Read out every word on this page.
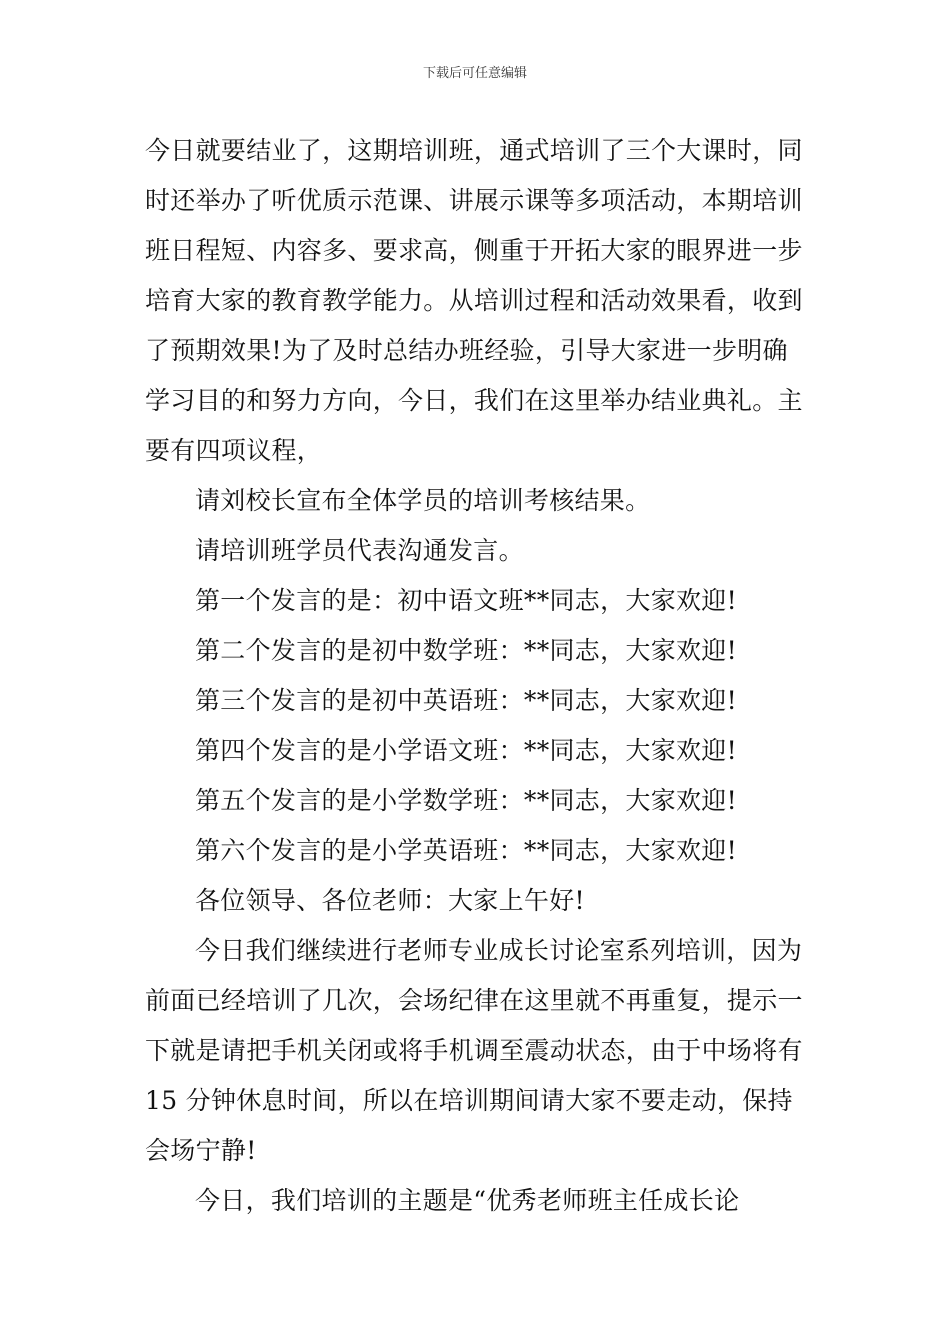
下载后可任意编辑

今日就要结业了，这期培训班，通式培训了三个大课时，同时还举办了听优质示范课、讲展示课等多项活动，本期培训班日程短、内容多、要求高，侧重于开拓大家的眼界进一步培育大家的教育教学能力。从培训过程和活动效果看，收到了预期效果!为了及时总结办班经验，引导大家进一步明确学习目的和努力方向，今日，我们在这里举办结业典礼。主要有四项议程，

请刘校长宣布全体学员的培训考核结果。

请培训班学员代表沟通发言。

第一个发言的是：初中语文班**同志，大家欢迎!

第二个发言的是初中数学班：**同志，大家欢迎!

第三个发言的是初中英语班：**同志，大家欢迎!

第四个发言的是小学语文班：**同志，大家欢迎!

第五个发言的是小学数学班：**同志，大家欢迎!

第六个发言的是小学英语班：**同志，大家欢迎!

各位领导、各位老师：大家上午好!

今日我们继续进行老师专业成长讨论室系列培训，因为前面已经培训了几次，会场纪律在这里就不再重复，提示一下就是请把手机关闭或将手机调至震动状态，由于中场将有 15 分钟休息时间，所以在培训期间请大家不要走动，保持会场宁静!

今日，我们培训的主题是“优秀老师班主任成长论
